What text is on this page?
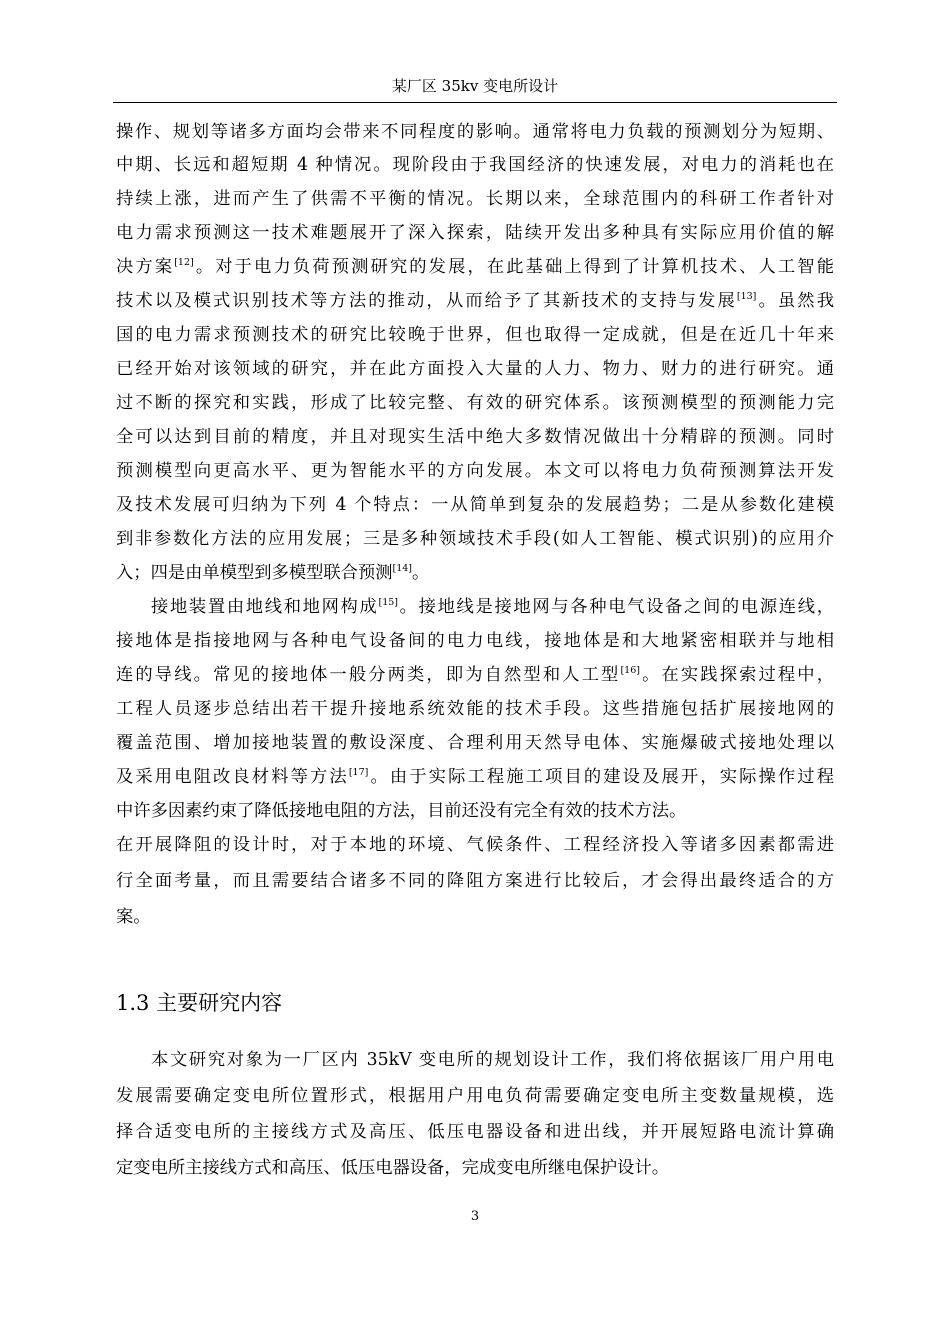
某厂区 35kv 变电所设计
操作、规划等诸多方面均会带来不同程度的影响。通常将电力负载的预测划分为短期、
中期、长远和超短期 4 种情况。现阶段由于我国经济的快速发展，对电力的消耗也在
持续上涨，进而产生了供需不平衡的情况。长期以来，全球范围内的科研工作者针对
电力需求预测这一技术难题展开了深入探索，陆续开发出多种具有实际应用价值的解
决方案[12]。对于电力负荷预测研究的发展，在此基础上得到了计算机技术、人工智能
技术以及模式识别技术等方法的推动，从而给予了其新技术的支持与发展[13]。虽然我
国的电力需求预测技术的研究比较晚于世界，但也取得一定成就，但是在近几十年来
已经开始对该领域的研究，并在此方面投入大量的人力、物力、财力的进行研究。通
过不断的探究和实践，形成了比较完整、有效的研究体系。该预测模型的预测能力完
全可以达到目前的精度，并且对现实生活中绝大多数情况做出十分精辟的预测。同时
预测模型向更高水平、更为智能水平的方向发展。本文可以将电力负荷预测算法开发
及技术发展可归纳为下列 4 个特点：一从简单到复杂的发展趋势；二是从参数化建模
到非参数化方法的应用发展；三是多种领域技术手段(如人工智能、模式识别)的应用介
入；四是由单模型到多模型联合预测[14]。
接地装置由地线和地网构成[15]。接地线是接地网与各种电气设备之间的电源连线，
接地体是指接地网与各种电气设备间的电力电线，接地体是和大地紧密相联并与地相
连的导线。常见的接地体一般分两类，即为自然型和人工型[16]。在实践探索过程中，
工程人员逐步总结出若干提升接地系统效能的技术手段。这些措施包括扩展接地网的
覆盖范围、增加接地装置的敷设深度、合理利用天然导电体、实施爆破式接地处理以
及采用电阻改良材料等方法[17]。由于实际工程施工项目的建设及展开，实际操作过程
中许多因素约束了降低接地电阻的方法，目前还没有完全有效的技术方法。
在开展降阻的设计时，对于本地的环境、气候条件、工程经济投入等诸多因素都需进
行全面考量，而且需要结合诸多不同的降阻方案进行比较后，才会得出最终适合的方
案。
1.3 主要研究内容
本文研究对象为一厂区内 35kV 变电所的规划设计工作，我们将依据该厂用户用电
发展需要确定变电所位置形式，根据用户用电负荷需要确定变电所主变数量规模，选
择合适变电所的主接线方式及高压、低压电器设备和进出线，并开展短路电流计算确
定变电所主接线方式和高压、低压电器设备，完成变电所继电保护设计。
3
